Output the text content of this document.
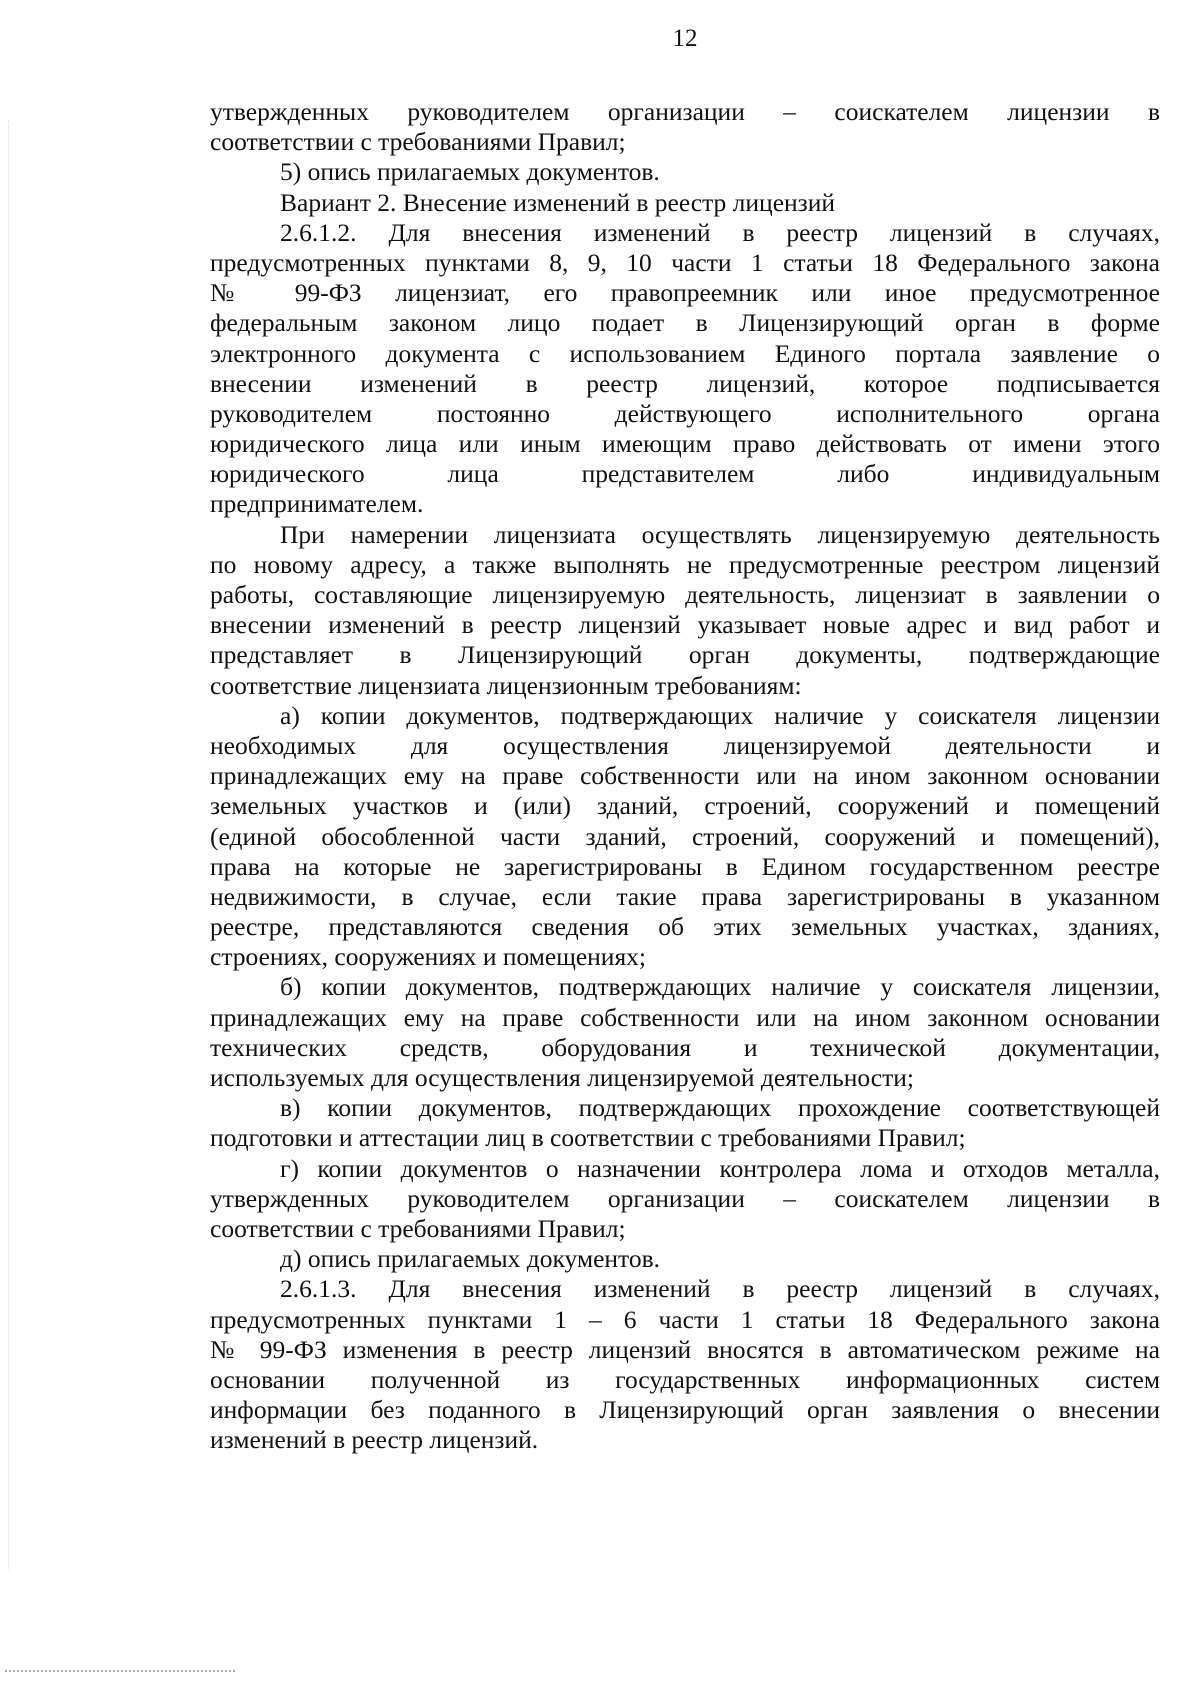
12
утвержденных руководителем организации – соискателем лицензии в
соответствии с требованиями Правил;
5) опись прилагаемых документов.
Вариант 2. Внесение изменений в реестр лицензий
2.6.1.2. Для внесения изменений в реестр лицензий в случаях,
предусмотренных пунктами 8, 9, 10 части 1 статьи 18 Федерального закона
№ 99-ФЗ лицензиат, его правопреемник или иное предусмотренное
федеральным законом лицо подает в Лицензирующий орган в форме
электронного документа с использованием Единого портала заявление о
внесении изменений в реестр лицензий, которое подписывается
руководителем постоянно действующего исполнительного органа
юридического лица или иным имеющим право действовать от имени этого
юридического лица представителем либо индивидуальным
предпринимателем.
При намерении лицензиата осуществлять лицензируемую деятельность
по новому адресу, а также выполнять не предусмотренные реестром лицензий
работы, составляющие лицензируемую деятельность, лицензиат в заявлении о
внесении изменений в реестр лицензий указывает новые адрес и вид работ и
представляет в Лицензирующий орган документы, подтверждающие
соответствие лицензиата лицензионным требованиям:
а) копии документов, подтверждающих наличие у соискателя лицензии
необходимых для осуществления лицензируемой деятельности и
принадлежащих ему на праве собственности или на ином законном основании
земельных участков и (или) зданий, строений, сооружений и помещений
(единой обособленной части зданий, строений, сооружений и помещений),
права на которые не зарегистрированы в Едином государственном реестре
недвижимости, в случае, если такие права зарегистрированы в указанном
реестре, представляются сведения об этих земельных участках, зданиях,
строениях, сооружениях и помещениях;
б) копии документов, подтверждающих наличие у соискателя лицензии,
принадлежащих ему на праве собственности или на ином законном основании
технических средств, оборудования и технической документации,
используемых для осуществления лицензируемой деятельности;
в) копии документов, подтверждающих прохождение соответствующей
подготовки и аттестации лиц в соответствии с требованиями Правил;
г) копии документов о назначении контролера лома и отходов металла,
утвержденных руководителем организации – соискателем лицензии в
соответствии с требованиями Правил;
д) опись прилагаемых документов.
2.6.1.3. Для внесения изменений в реестр лицензий в случаях,
предусмотренных пунктами 1 – 6 части 1 статьи 18 Федерального закона
№ 99-ФЗ изменения в реестр лицензий вносятся в автоматическом режиме на
основании полученной из государственных информационных систем
информации без поданного в Лицензирующий орган заявления о внесении
изменений в реестр лицензий.
